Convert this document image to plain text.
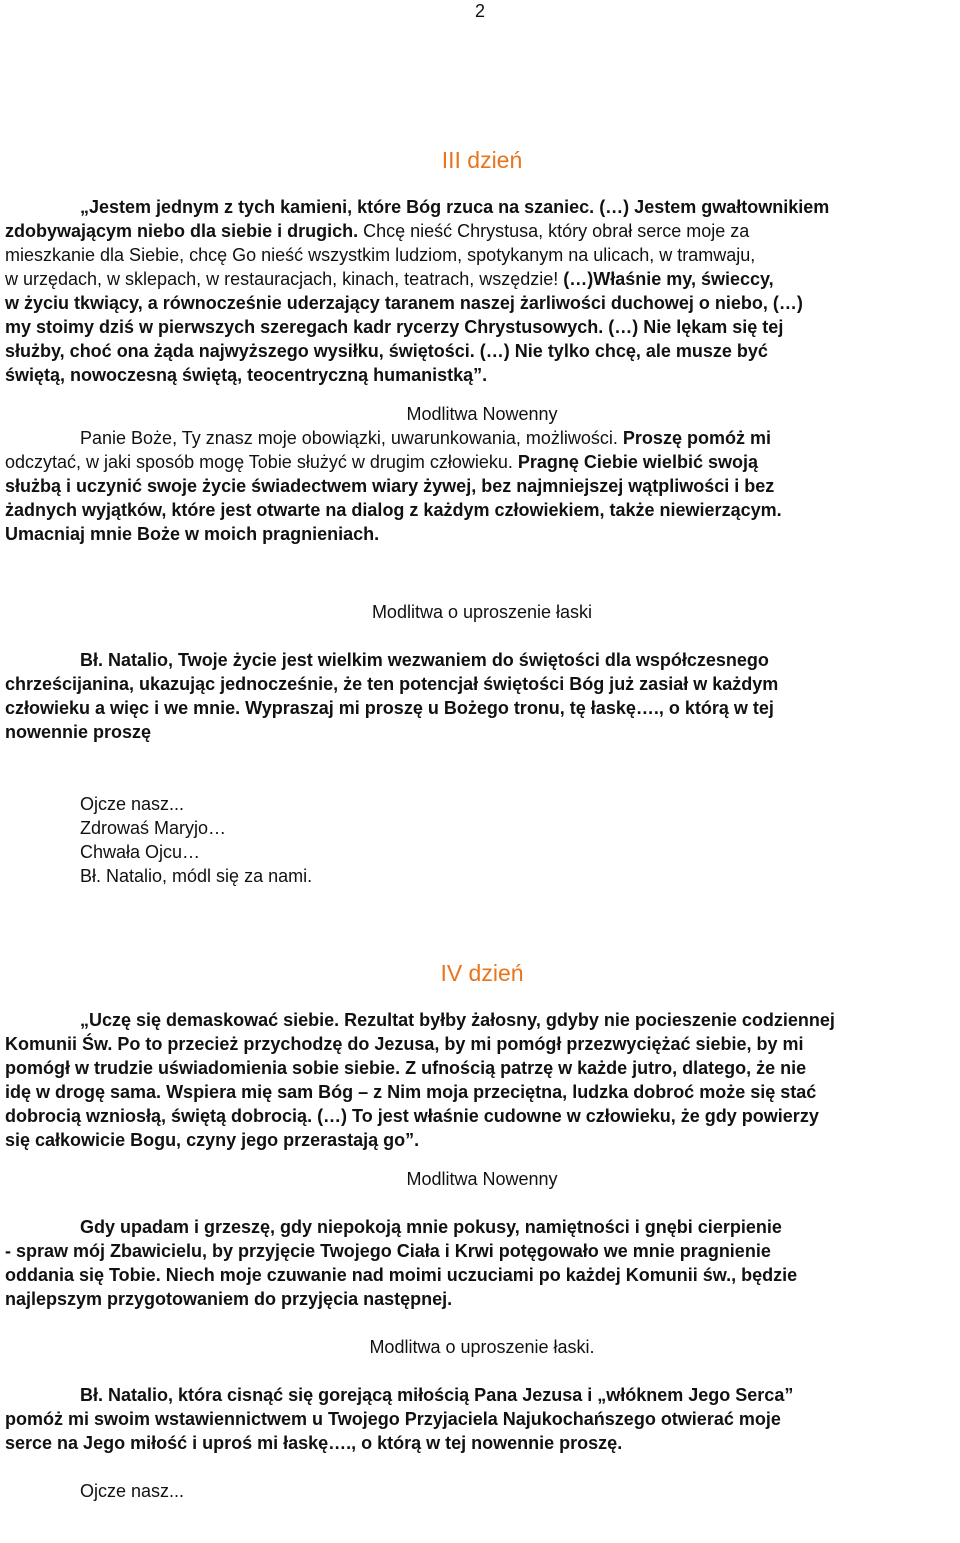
2
III dzień

„Jestem jednym z tych kamieni, które Bóg rzuca na szaniec. (…) Jestem gwałtownikiem

zdobywającym niebo dla siebie i drugich. Chcę nieść Chrystusa, który obrał serce moje za

mieszkanie dla Siebie, chcę Go nieść wszystkim ludziom, spotykanym na ulicach, w tramwaju,

w urzędach, w sklepach, w restauracjach, kinach, teatrach, wszędzie! (…)Właśnie my, świeccy,

w życiu tkwiący, a równocześnie uderzający taranem naszej żarliwości duchowej o niebo, (…)

my stoimy dziś w pierwszych szeregach kadr rycerzy Chrystusowych. (…) Nie lękam się tej

służby, choć ona żąda najwyższego wysiłku, świętości. (…) Nie tylko chcę, ale musze być

świętą, nowoczesną świętą, teocentryczną humanistką”.

Modlitwa Nowenny

Panie Boże, Ty znasz moje obowiązki, uwarunkowania, możliwości. Proszę pomóż mi

odczytać, w jaki sposób mogę Tobie służyć w drugim człowieku. Pragnę Ciebie wielbić swoją

służbą i uczynić swoje życie świadectwem wiary żywej, bez najmniejszej wątpliwości i bez

żadnych wyjątków, które jest otwarte na dialog z każdym człowiekiem, także niewierzącym.

Umacniaj mnie Boże w moich pragnieniach.

Modlitwa o uproszenie łaski

Bł. Natalio, Twoje życie jest wielkim wezwaniem do świętości dla współczesnego

chrześcijanina, ukazując jednocześnie, że ten potencjał świętości Bóg już zasiał w każdym

człowieku a więc i we mnie. Wypraszaj mi proszę u Bożego tronu, tę łaskę…., o którą w tej

nowennie proszę

Ojcze nasz...

Zdrowaś Maryjo…

Chwała Ojcu…

Bł. Natalio, módl się za nami.

IV dzień

„Uczę się demaskować siebie. Rezultat byłby żałosny, gdyby nie pocieszenie codziennej

Komunii Św. Po to przecież przychodzę do Jezusa, by mi pomógł przezwyciężać siebie, by mi

pomógł w trudzie uświadomienia sobie siebie. Z ufnością patrzę w każde jutro, dlatego, że nie

idę w drogę sama. Wspiera mię sam Bóg – z Nim moja przeciętna, ludzka dobroć może się stać

dobrocią wzniosłą, świętą dobrocią. (…) To jest właśnie cudowne w człowieku, że gdy powierzy

się całkowicie Bogu, czyny jego przerastają go”.

Modlitwa Nowenny

Gdy upadam i grzeszę, gdy niepokoją mnie pokusy, namiętności i gnębi cierpienie

- spraw mój Zbawicielu, by przyjęcie Twojego Ciała i Krwi potęgowało we mnie pragnienie

oddania się Tobie. Niech moje czuwanie nad moimi uczuciami po każdej Komunii św., będzie

najlepszym przygotowaniem do przyjęcia następnej.

Modlitwa o uproszenie łaski.

Bł. Natalio, która cisnąć się gorejącą miłością Pana Jezusa i „włóknem Jego Serca”

pomóż mi swoim wstawiennictwem u Twojego Przyjaciela Najukochańszego otwierać moje

serce na Jego miłość i uproś mi łaskę…., o którą w tej nowennie proszę.

Ojcze nasz...
